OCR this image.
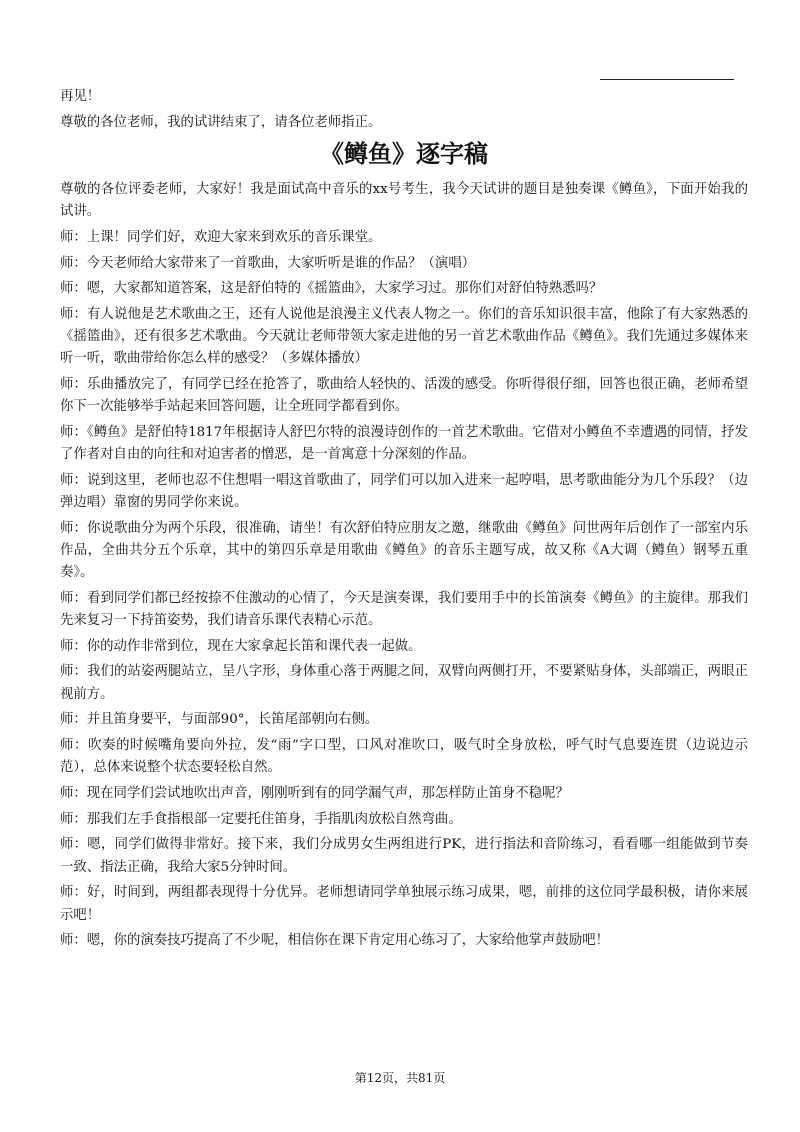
再见！

尊敬的各位老师，我的试讲结束了，请各位老师指正。

《鳟鱼》逐字稿

尊敬的各位评委老师，大家好！我是面试高中音乐的xx号考生，我今天试讲的题目是独奏课《鳟鱼》，下面开始我的试讲。

师：上课！同学们好，欢迎大家来到欢乐的音乐课堂。

师：今天老师给大家带来了一首歌曲，大家听听是谁的作品？（演唱）

师：嗯，大家都知道答案，这是舒伯特的《摇篮曲》，大家学习过。那你们对舒伯特熟悉吗？

师：有人说他是艺术歌曲之王，还有人说他是浪漫主义代表人物之一。你们的音乐知识很丰富，他除了有大家熟悉的《摇篮曲》，还有很多艺术歌曲。今天就让老师带领大家走进他的另一首艺术歌曲作品《鳟鱼》。我们先通过多媒体来听一听，歌曲带给你怎么样的感受？（多媒体播放）

师：乐曲播放完了，有同学已经在抢答了，歌曲给人轻快的、活泼的感受。你听得很仔细，回答也很正确，老师希望你下一次能够举手站起来回答问题，让全班同学都看到你。

师：《鳟鱼》是舒伯特1817年根据诗人舒巴尔特的浪漫诗创作的一首艺术歌曲。它借对小鳟鱼不幸遭遇的同情，抒发了作者对自由的向往和对迫害者的憎恶，是一首寓意十分深刻的作品。

师：说到这里，老师也忍不住想唱一唱这首歌曲了，同学们可以加入进来一起哼唱，思考歌曲能分为几个乐段？（边弹边唱）靠窗的男同学你来说。

师：你说歌曲分为两个乐段，很准确，请坐！有次舒伯特应朋友之邀，继歌曲《鳟鱼》问世两年后创作了一部室内乐作品，全曲共分五个乐章，其中的第四乐章是用歌曲《鳟鱼》的音乐主题写成，故又称《A大调（鳟鱼）钢琴五重奏》。

师：看到同学们都已经按捺不住激动的心情了，今天是演奏课，我们要用手中的长笛演奏《鳟鱼》的主旋律。那我们先来复习一下持笛姿势，我们请音乐课代表精心示范。

师：你的动作非常到位，现在大家拿起长笛和课代表一起做。

师：我们的站姿两腿站立，呈八字形，身体重心落于两腿之间，双臂向两侧打开，不要紧贴身体，头部端正，两眼正视前方。

师：并且笛身要平，与面部90°，长笛尾部朝向右侧。

师：吹奏的时候嘴角要向外拉，发“雨”字口型，口风对准吹口，吸气时全身放松，呼气时气息要连贯（边说边示范），总体来说整个状态要轻松自然。

师：现在同学们尝试地吹出声音，刚刚听到有的同学漏气声，那怎样防止笛身不稳呢？

师：那我们左手食指根部一定要托住笛身，手指肌肉放松自然弯曲。

师：嗯，同学们做得非常好。接下来，我们分成男女生两组进行PK，进行指法和音阶练习，看看哪一组能做到节奏一致、指法正确，我给大家5分钟时间。

师：好，时间到，两组都表现得十分优异。老师想请同学单独展示练习成果，嗯，前排的这位同学最积极，请你来展示吧！

师：嗯，你的演奏技巧提高了不少呢，相信你在课下肯定用心练习了，大家给他掌声鼓励吧！

第12页，共81页
